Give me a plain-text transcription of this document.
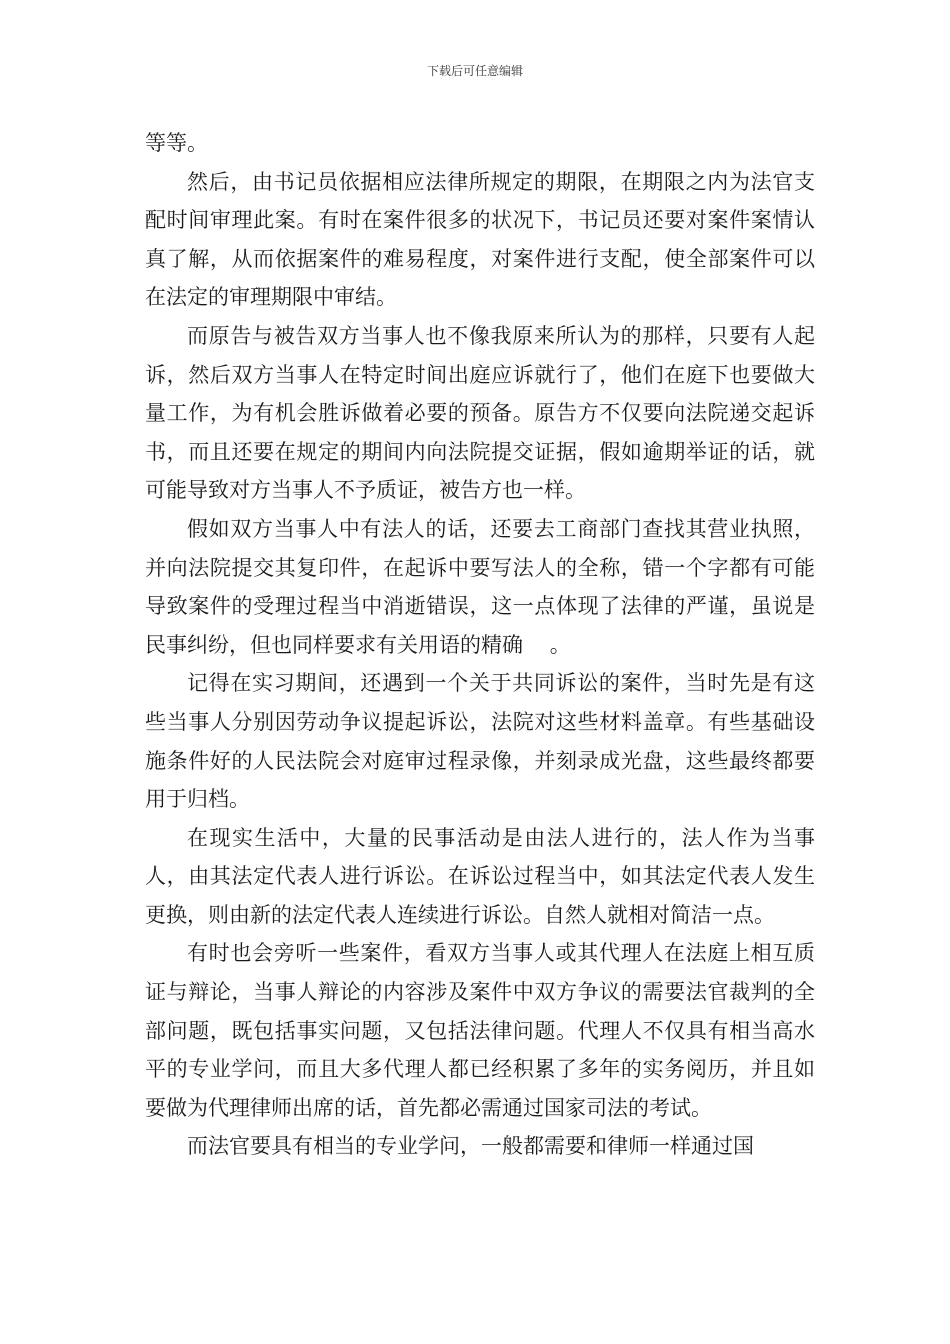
下载后可任意编辑

等等。

然后，由书记员依据相应法律所规定的期限，在期限之内为法官支配时间审理此案。有时在案件很多的状况下，书记员还要对案件案情认真了解，从而依据案件的难易程度，对案件进行支配，使全部案件可以在法定的审理期限中审结。

而原告与被告双方当事人也不像我原来所认为的那样，只要有人起诉，然后双方当事人在特定时间出庭应诉就行了，他们在庭下也要做大量工作，为有机会胜诉做着必要的预备。原告方不仅要向法院递交起诉书，而且还要在规定的期间内向法院提交证据，假如逾期举证的话，就可能导致对方当事人不予质证，被告方也一样。

假如双方当事人中有法人的话，还要去工商部门查找其营业执照，并向法院提交其复印件，在起诉中要写法人的全称，错一个字都有可能导致案件的受理过程当中消逝错误，这一点体现了法律的严谨，虽说是民事纠纷，但也同样要求有关用语的精确    。

记得在实习期间，还遇到一个关于共同诉讼的案件，当时先是有这些当事人分别因劳动争议提起诉讼，法院对这些材料盖章。有些基础设施条件好的人民法院会对庭审过程录像，并刻录成光盘，这些最终都要用于归档。

在现实生活中，大量的民事活动是由法人进行的，法人作为当事人，由其法定代表人进行诉讼。在诉讼过程当中，如其法定代表人发生更换，则由新的法定代表人连续进行诉讼。自然人就相对简洁一点。

有时也会旁听一些案件，看双方当事人或其代理人在法庭上相互质证与辩论，当事人辩论的内容涉及案件中双方争议的需要法官裁判的全部问题，既包括事实问题，又包括法律问题。代理人不仅具有相当高水平的专业学问，而且大多代理人都已经积累了多年的实务阅历，并且如要做为代理律师出席的话，首先都必需通过国家司法的考试。

而法官要具有相当的专业学问，一般都需要和律师一样通过国
